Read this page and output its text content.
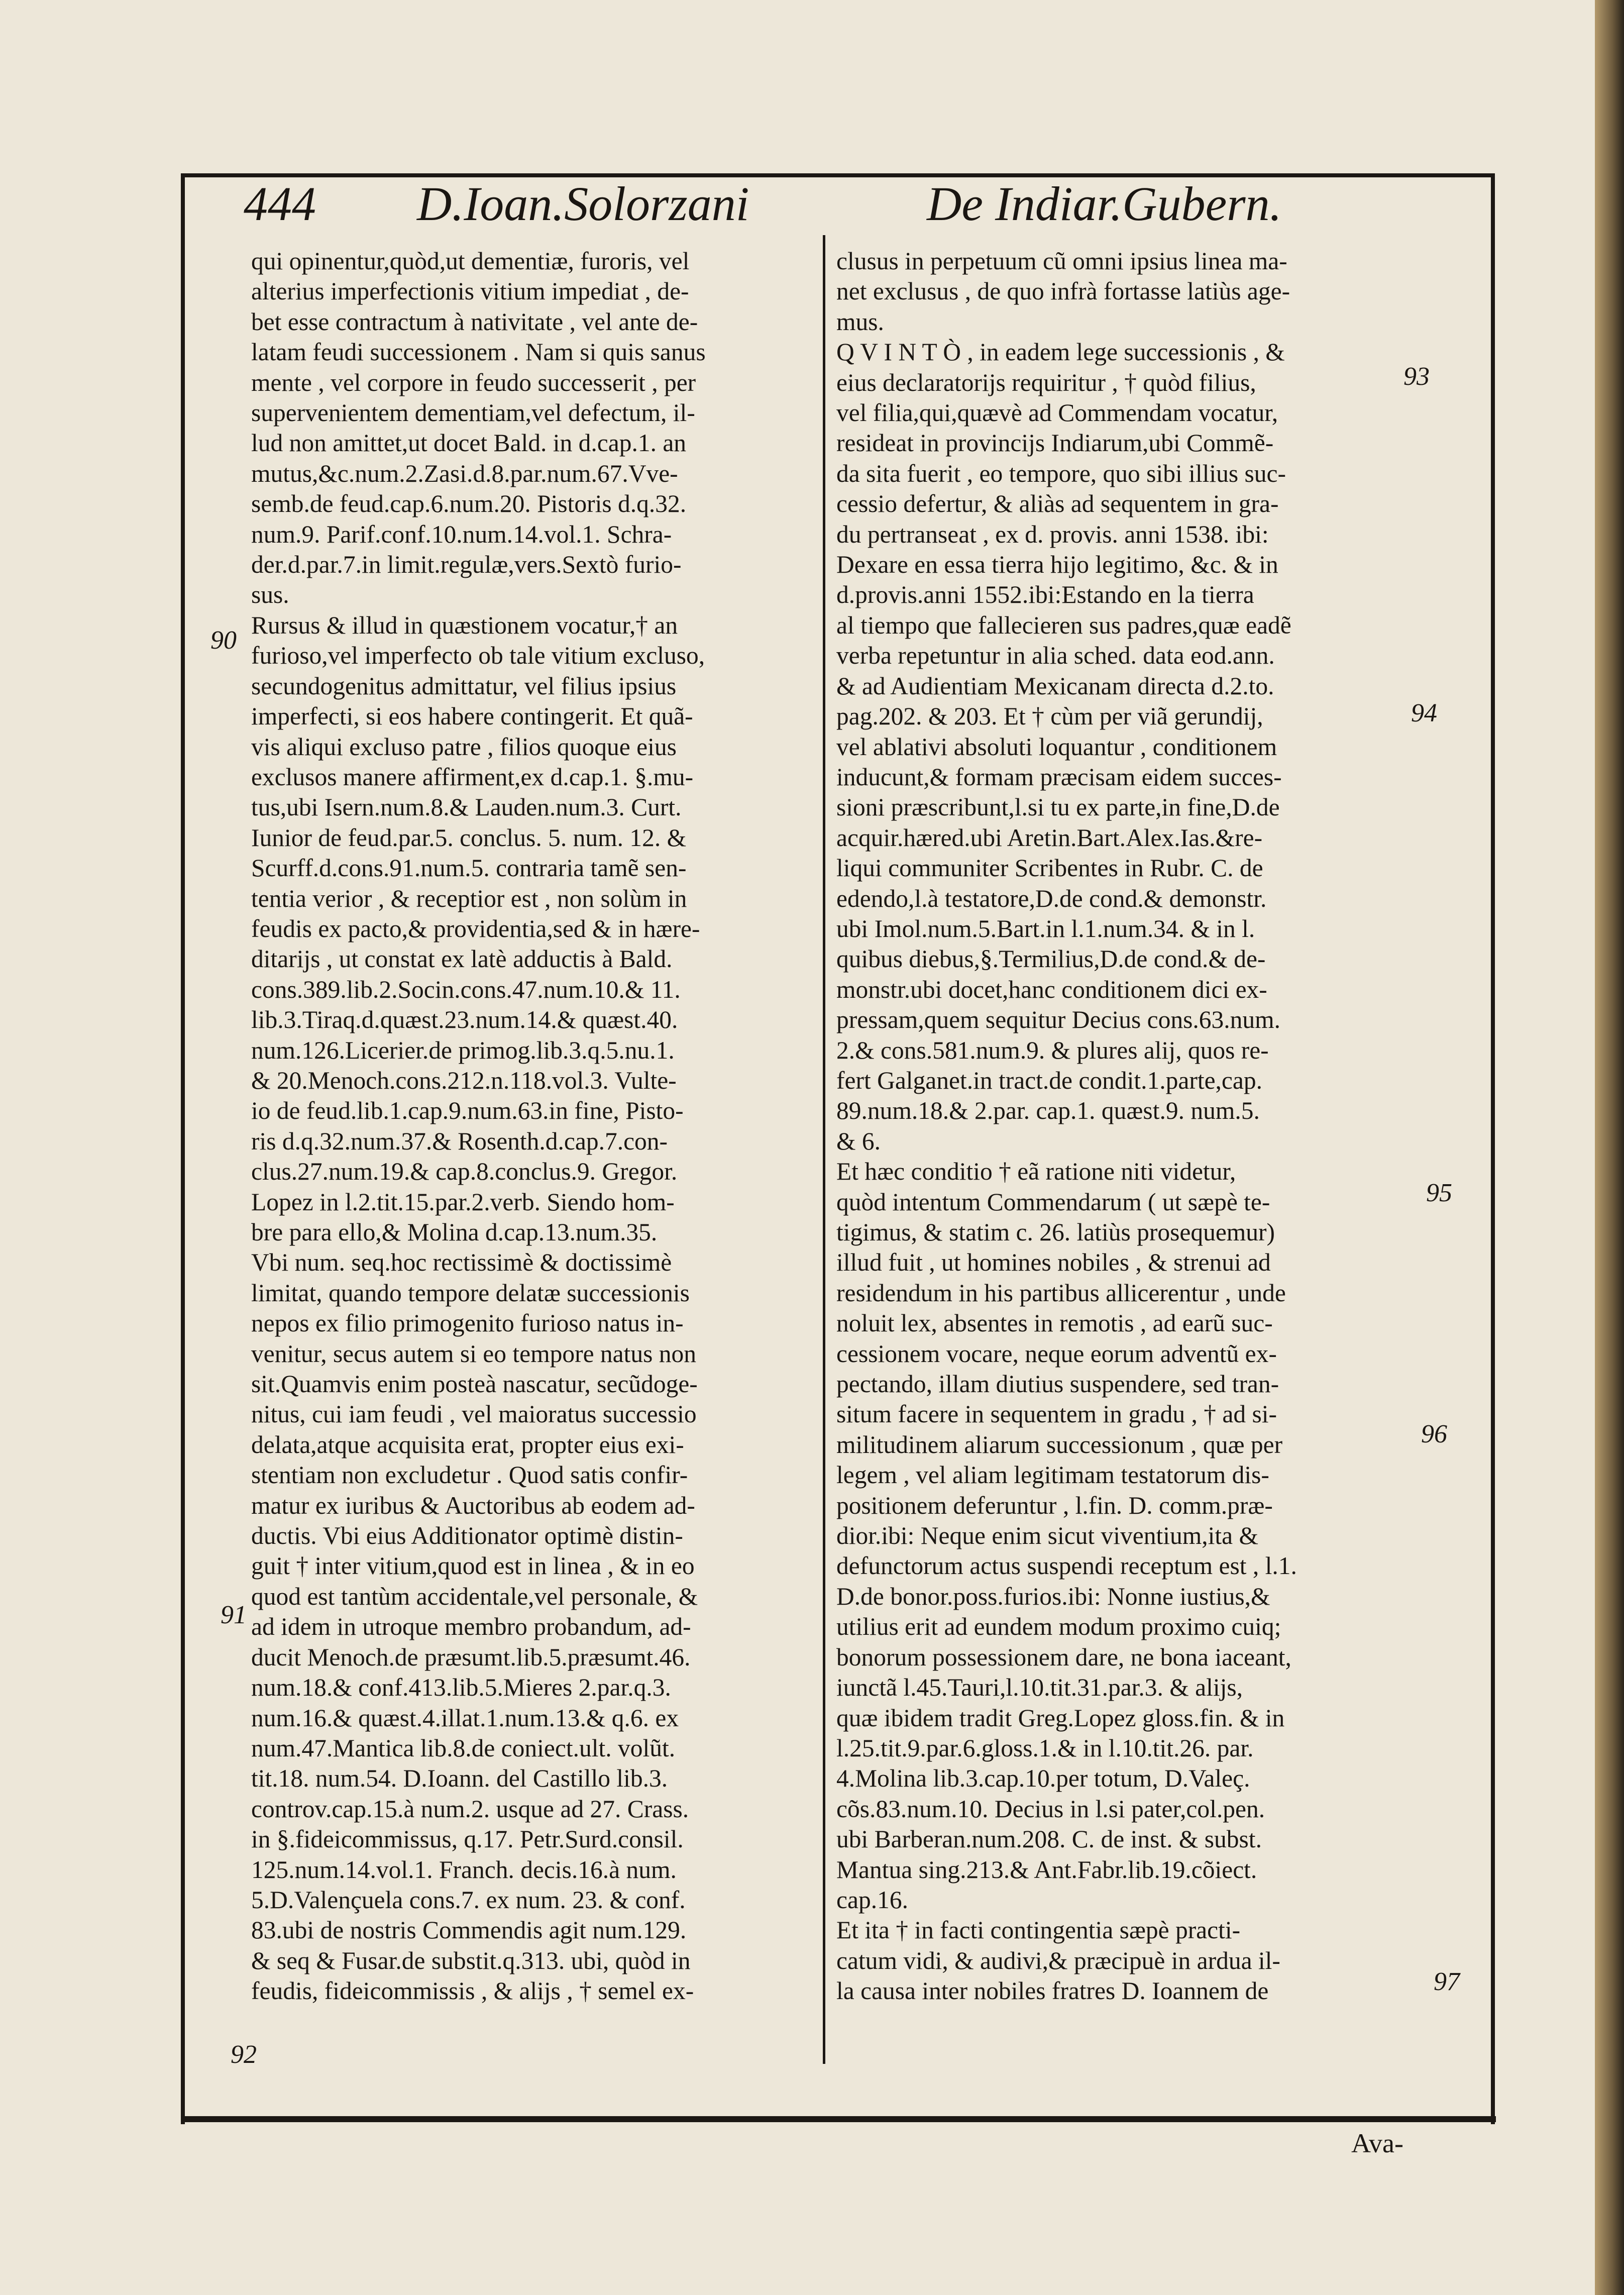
444 D.Ioan.Solorzani	De Indiar.Gubern.
qui opinentur,quòd,ut dementiæ, furoris, vel
alterius imperfectionis vitium impediat , de-
bet esse contractum à nativitate , vel ante de-
latam feudi successionem . Nam si quis sanus
mente , vel corpore in feudo successerit , per
supervenientem dementiam,vel defectum, il-
lud non amittet,ut docet Bald. in d.cap.1. an
mutus,&c.num.2.Zasi.d.8.par.num.67.Vve-
semb.de feud.cap.6.num.20. Pistoris d.q.32.
num.9. Parif.conf.10.num.14.vol.1. Schra-
der.d.par.7.in limit.regulæ,vers.Sextò furio-
sus.
Rursus & illud in quæstionem vocatur,† an
furioso,vel imperfecto ob tale vitium excluso,
secundogenitus admittatur, vel filius ipsius
imperfecti, si eos habere contingerit. Et quã-
vis aliqui excluso patre , filios quoque eius
exclusos manere affirment,ex d.cap.1. §.mu-
tus,ubi Isern.num.8.& Lauden.num.3. Curt.
Iunior de feud.par.5. conclus. 5. num. 12. &
Scurff.d.cons.91.num.5. contraria tamẽ sen-
tentia verior , & receptior est , non solùm in
feudis ex pacto,& providentia,sed & in hære-
ditarijs , ut constat ex latè adductis à Bald.
cons.389.lib.2.Socin.cons.47.num.10.& 11.
lib.3.Tiraq.d.quæst.23.num.14.& quæst.40.
num.126.Licerier.de primog.lib.3.q.5.nu.1.
& 20.Menoch.cons.212.n.118.vol.3. Vulte-
io de feud.lib.1.cap.9.num.63.in fine, Pisto-
ris d.q.32.num.37.& Rosenth.d.cap.7.con-
clus.27.num.19.& cap.8.conclus.9. Gregor.
Lopez in l.2.tit.15.par.2.verb. Siendo hom-
bre para ello,& Molina d.cap.13.num.35.
Vbi num. seq.hoc rectissimè & doctissimè
limitat, quando tempore delatæ successionis
nepos ex filio primogenito furioso natus in-
venitur, secus autem si eo tempore natus non
sit.Quamvis enim posteà nascatur, secũdoge-
nitus, cui iam feudi , vel maioratus successio
delata,atque acquisita erat, propter eius exi-
stentiam non excludetur . Quod satis confir-
matur ex iuribus & Auctoribus ab eodem ad-
ductis. Vbi eius Additionator optimè distin-
guit † inter vitium,quod est in linea , & in eo
quod est tantùm accidentale,vel personale, &
ad idem in utroque membro probandum, ad-
ducit Menoch.de præsumt.lib.5.præsumt.46.
num.18.& conf.413.lib.5.Mieres 2.par.q.3.
num.16.& quæst.4.illat.1.num.13.& q.6. ex
num.47.Mantica lib.8.de coniect.ult. volũt.
tit.18. num.54. D.Ioann. del Castillo lib.3.
controv.cap.15.à num.2. usque ad 27. Crass.
in §.fideicommissus, q.17. Petr.Surd.consil.
125.num.14.vol.1. Franch. decis.16.à num.
5.D.Valençuela cons.7. ex num. 23. & conf.
83.ubi de nostris Commendis agit num.129.
& seq & Fusar.de substit.q.313. ubi, quòd in
feudis, fideicommissis , & alijs , † semel ex-
clusus in perpetuum cũ omni ipsius linea ma-
net exclusus , de quo infrà fortasse latiùs age-
mus.
Q V I N T Ò , in eadem lege successionis , &
eius declaratorijs requiritur , † quòd filius,
vel filia,qui,quævè ad Commendam vocatur,
resideat in provincijs Indiarum,ubi Commẽ-
da sita fuerit , eo tempore, quo sibi illius suc-
cessio defertur, & aliàs ad sequentem in gra-
du pertranseat , ex d. provis. anni 1538. ibi:
Dexare en essa tierra hijo legitimo, &c. & in
d.provis.anni 1552.ibi:Estando en la tierra
al tiempo que fallecieren sus padres,quæ eadẽ
verba repetuntur in alia sched. data eod.ann.
& ad Audientiam Mexicanam directa d.2.to.
pag.202. & 203. Et † cùm per viã gerundij,
vel ablativi absoluti loquantur , conditionem
inducunt,& formam præcisam eidem succes-
sioni præscribunt,l.si tu ex parte,in fine,D.de
acquir.hæred.ubi Aretin.Bart.Alex.Ias.&re-
liqui communiter Scribentes in Rubr. C. de
edendo,l.à testatore,D.de cond.& demonstr.
ubi Imol.num.5.Bart.in l.1.num.34. & in l.
quibus diebus,§.Termilius,D.de cond.& de-
monstr.ubi docet,hanc conditionem dici ex-
pressam,quem sequitur Decius cons.63.num.
2.& cons.581.num.9. & plures alij, quos re-
fert Galganet.in tract.de condit.1.parte,cap.
89.num.18.& 2.par. cap.1. quæst.9. num.5.
& 6.
Et hæc conditio † eã ratione niti videtur,
quòd intentum Commendarum ( ut sæpè te-
tigimus, & statim c. 26. latiùs prosequemur)
illud fuit , ut homines nobiles , & strenui ad
residendum in his partibus allicerentur , unde
noluit lex, absentes in remotis , ad earũ suc-
cessionem vocare, neque eorum adventũ ex-
pectando, illam diutius suspendere, sed tran-
situm facere in sequentem in gradu , † ad si-
militudinem aliarum successionum , quæ per
legem , vel aliam legitimam testatorum dis-
positionem deferuntur , l.fin. D. comm.præ-
dior.ibi: Neque enim sicut viventium,ita &
defunctorum actus suspendi receptum est , l.1.
D.de bonor.poss.furios.ibi: Nonne iustius,&
utilius erit ad eundem modum proximo cuiq;
bonorum possessionem dare, ne bona iaceant,
iunctã l.45.Tauri,l.10.tit.31.par.3. & alijs,
quæ ibidem tradit Greg.Lopez gloss.fin. & in
l.25.tit.9.par.6.gloss.1.& in l.10.tit.26. par.
4.Molina lib.3.cap.10.per totum, D.Valeç.
cõs.83.num.10. Decius in l.si pater,col.pen.
ubi Barberan.num.208. C. de inst. & subst.
Mantua sing.213.& Ant.Fabr.lib.19.cõiect.
cap.16.
Et ita † in facti contingentia sæpè practi-
catum vidi, & audivi,& præcipuè in ardua il-
la causa inter nobiles fratres D. Ioannem de
90
91
92
93
94
95
96
97
Ava-
